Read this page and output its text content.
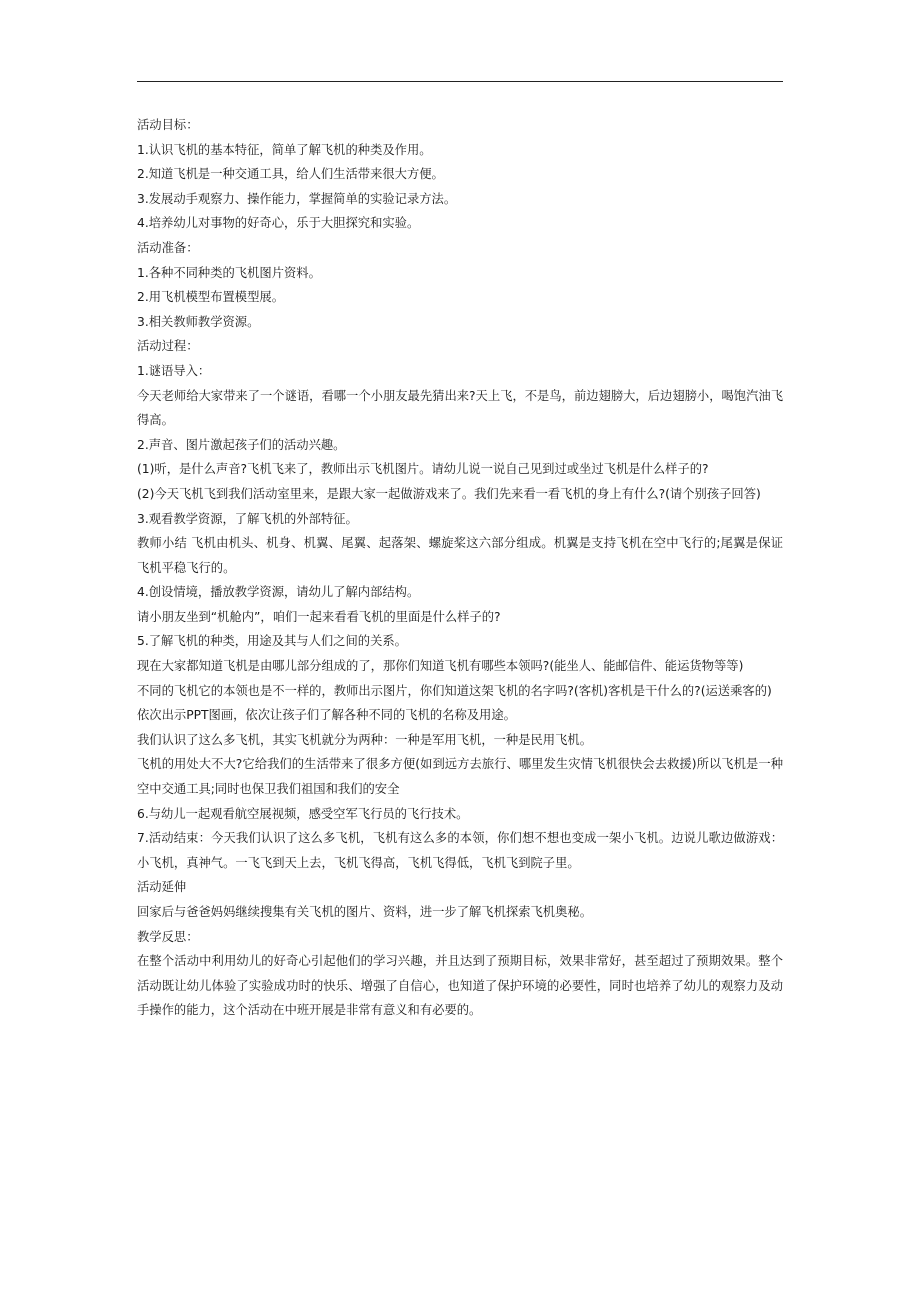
活动目标：

1.认识飞机的基本特征，简单了解飞机的种类及作用。

2.知道飞机是一种交通工具，给人们生活带来很大方便。

3.发展动手观察力、操作能力，掌握简单的实验记录方法。

4.培养幼儿对事物的好奇心，乐于大胆探究和实验。

活动准备：

1.各种不同种类的飞机图片资料。

2.用飞机模型布置模型展。

3.相关教师教学资源。

活动过程：

1.谜语导入：

今天老师给大家带来了一个谜语，看哪一个小朋友最先猜出来?天上飞，不是鸟，前边翅膀大，后边翅膀小，喝饱汽油飞得高。

2.声音、图片激起孩子们的活动兴趣。

(1)听，是什么声音?飞机飞来了，教师出示飞机图片。请幼儿说一说自己见到过或坐过飞机是什么样子的?

(2)今天飞机飞到我们活动室里来，是跟大家一起做游戏来了。我们先来看一看飞机的身上有什么?(请个别孩子回答)

3.观看教学资源，了解飞机的外部特征。

教师小结 飞机由机头、机身、机翼、尾翼、起落架、螺旋桨这六部分组成。机翼是支持飞机在空中飞行的;尾翼是保证飞机平稳飞行的。

4.创设情境，播放教学资源，请幼儿了解内部结构。

请小朋友坐到“机舱内”，咱们一起来看看飞机的里面是什么样子的?

5.了解飞机的种类，用途及其与人们之间的关系。

现在大家都知道飞机是由哪儿部分组成的了，那你们知道飞机有哪些本领吗?(能坐人、能邮信件、能运货物等等)

不同的飞机它的本领也是不一样的，教师出示图片，你们知道这架飞机的名字吗?(客机)客机是干什么的?(运送乘客的)

依次出示PPT图画，依次让孩子们了解各种不同的飞机的名称及用途。

我们认识了这么多飞机，其实飞机就分为两种：一种是军用飞机，一种是民用飞机。

飞机的用处大不大?它给我们的生活带来了很多方便(如到远方去旅行、哪里发生灾情飞机很快会去救援)所以飞机是一种空中交通工具;同时也保卫我们祖国和我们的安全

6.与幼儿一起观看航空展视频，感受空军飞行员的飞行技术。

7.活动结束：今天我们认识了这么多飞机，飞机有这么多的本领，你们想不想也变成一架小飞机。边说儿歌边做游戏：小飞机，真神气。一飞飞到天上去，飞机飞得高，飞机飞得低，飞机飞到院子里。

活动延伸

回家后与爸爸妈妈继续搜集有关飞机的图片、资料，进一步了解飞机探索飞机奥秘。

教学反思：

在整个活动中利用幼儿的好奇心引起他们的学习兴趣，并且达到了预期目标，效果非常好，甚至超过了预期效果。整个活动既让幼儿体验了实验成功时的快乐、增强了自信心，也知道了保护环境的必要性，同时也培养了幼儿的观察力及动手操作的能力，这个活动在中班开展是非常有意义和有必要的。
